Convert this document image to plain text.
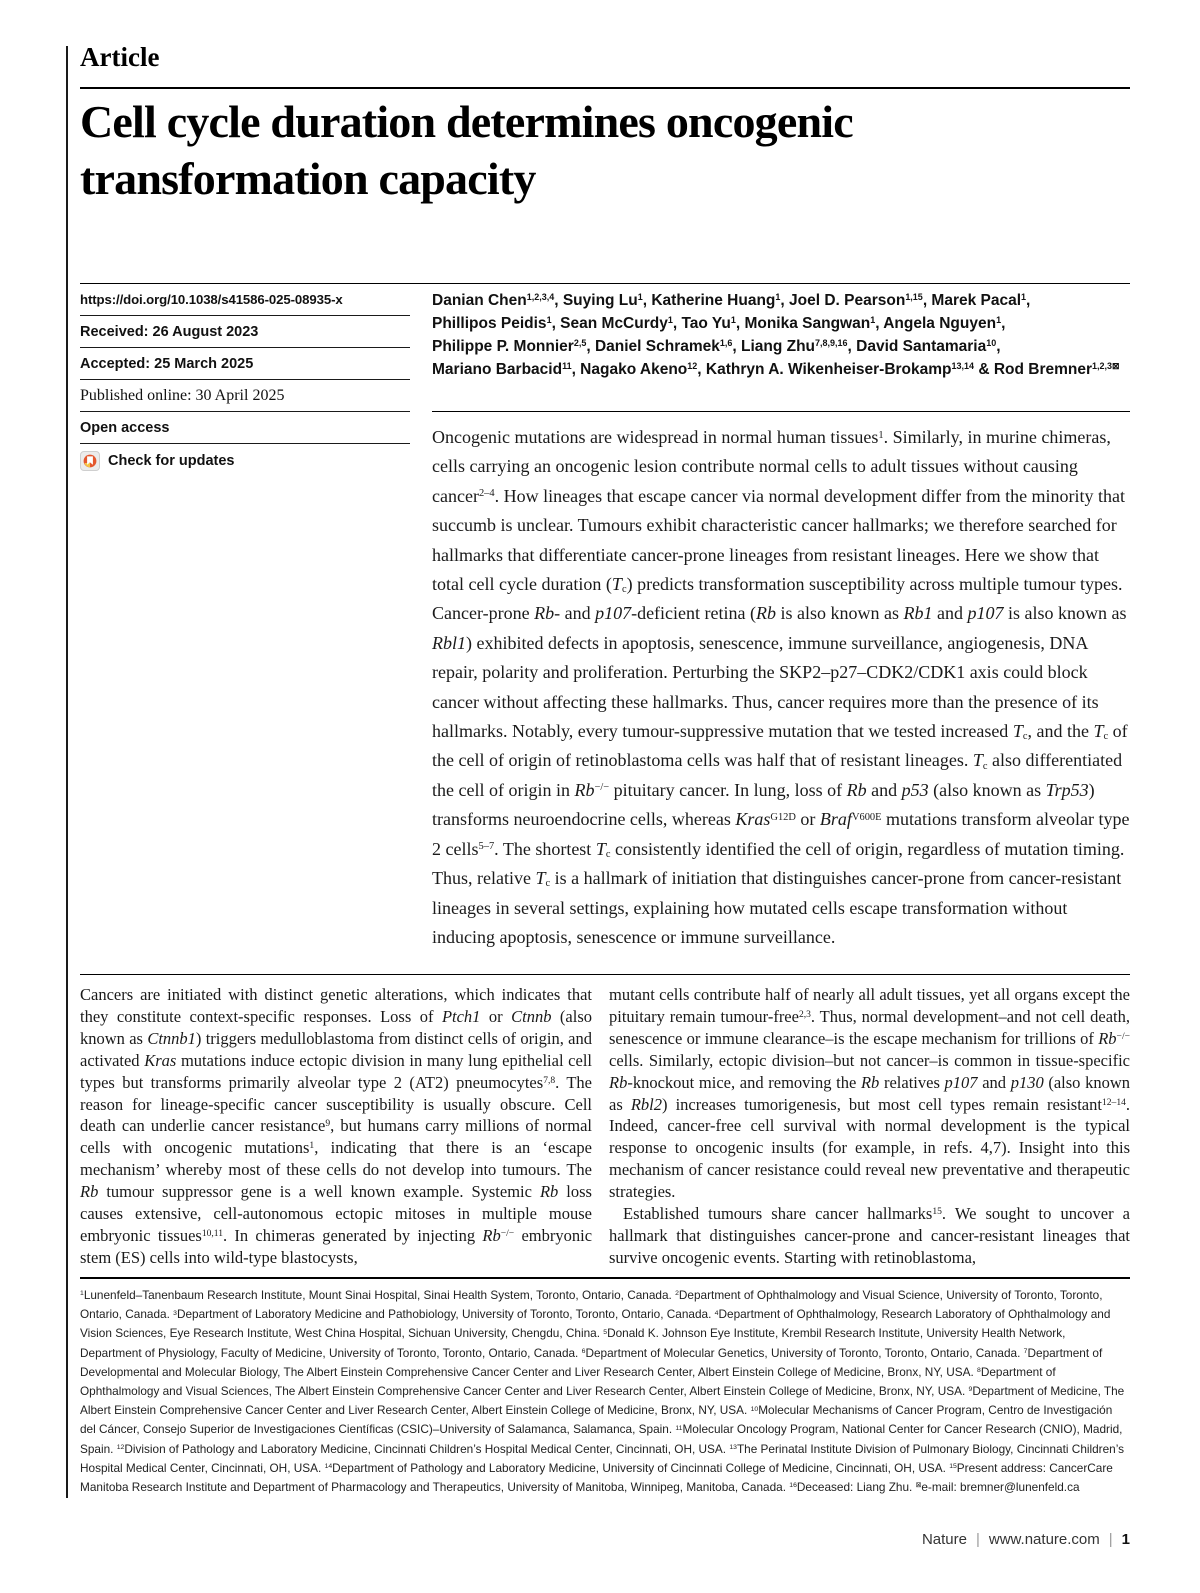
Article
Cell cycle duration determines oncogenic transformation capacity
https://doi.org/10.1038/s41586-025-08935-x
Received: 26 August 2023
Accepted: 25 March 2025
Published online: 30 April 2025
Open access
Check for updates
Danian Chen$^{1,2,3,4}$, Suying Lu$^1$, Katherine Huang$^1$, Joel D. Pearson$^{1,15}$, Marek Pacal$^1$,
Phillipos Peidis$^1$, Sean McCurdy$^1$, Tao Yu$^1$, Monika Sangwan$^1$, Angela Nguyen$^1$,
Philippe P. Monnier$^{2,5}$, Daniel Schramek$^{1,6}$, Liang Zhu$^{7,8,9,16}$, David Santamaria$^{10}$,
Mariano Barbacid$^{11}$, Nagako Akeno$^{12}$, Kathryn A. Wikenheiser-Brokamp$^{13,14}$ & Rod Bremner$^{1,2,3⊠}$
Oncogenic mutations are widespread in normal human tissues$^1$. Similarly, in murine chimeras, cells carrying an oncogenic lesion contribute normal cells to adult tissues without causing cancer$^{2-4}$. How lineages that escape cancer via normal development differ from the minority that succumb is unclear. Tumours exhibit characteristic cancer hallmarks; we therefore searched for hallmarks that differentiate cancer-prone lineages from resistant lineages. Here we show that total cell cycle duration $(T_c)$ predicts transformation susceptibility across multiple tumour types. Cancer-prone Rb- and p107-deficient retina (Rb is also known as Rb1 and p107 is also known as Rbl1) exhibited defects in apoptosis, senescence, immune surveillance, angiogenesis, DNA repair, polarity and proliferation. Perturbing the SKP2–p27–CDK2/CDK1 axis could block cancer without affecting these hallmarks. Thus, cancer requires more than the presence of its hallmarks. Notably, every tumour-suppressive mutation that we tested increased $T_c$, and the $T_c$ of the cell of origin of retinoblastoma cells was half that of resistant lineages. $T_c$ also differentiated the cell of origin in Rb−/− pituitary cancer. In lung, loss of Rb and p53 (also known as Trp53) transforms neuroendocrine cells, whereas Kras$^{G12D}$ or Braf$^{V600E}$ mutations transform alveolar type 2 cells$^{5-7}$. The shortest $T_c$ consistently identified the cell of origin, regardless of mutation timing. Thus, relative $T_c$ is a hallmark of initiation that distinguishes cancer-prone from cancer-resistant lineages in several settings, explaining how mutated cells escape transformation without inducing apoptosis, senescence or immune surveillance.

Cancers are initiated with distinct genetic alterations, which indicates that they constitute context-specific responses. Loss of Ptch1 or Ctnnb (also known as Ctnnb1) triggers medulloblastoma from distinct cells of origin, and activated Kras mutations induce ectopic division in many lung epithelial cell types but transforms primarily alveolar type 2 (AT2) pneumocytes$^{7,8}$. The reason for lineage-specific cancer susceptibility is usually obscure. Cell death can underlie cancer resistance$^9$, but humans carry millions of normal cells with oncogenic mutations$^1$, indicating that there is an ‘escape mechanism’ whereby most of these cells do not develop into tumours. The Rb tumour suppressor gene is a well known example. Systemic Rb loss causes extensive, cell-autonomous ectopic mitoses in multiple mouse embryonic tissues$^{10,11}$. In chimeras generated by injecting Rb−/− embryonic stem (ES) cells into wild-type blastocysts,

mutant cells contribute half of nearly all adult tissues, yet all organs except the pituitary remain tumour-free$^{2,3}$. Thus, normal development–and not cell death, senescence or immune clearance–is the escape mechanism for trillions of Rb−/− cells. Similarly, ectopic division–but not cancer–is common in tissue-specific Rb-knockout mice, and removing the Rb relatives p107 and p130 (also known as Rbl2) increases tumorigenesis, but most cell types remain resistant$^{12-14}$. Indeed, cancer-free cell survival with normal development is the typical response to oncogenic insults (for example, in refs. 4,7). Insight into this mechanism of cancer resistance could reveal new preventative and therapeutic strategies.

Established tumours share cancer hallmarks$^{15}$. We sought to uncover a hallmark that distinguishes cancer-prone and cancer-resistant lineages that survive oncogenic events. Starting with retinoblastoma,

$^1$Lunenfeld–Tanenbaum Research Institute, Mount Sinai Hospital, Sinai Health System, Toronto, Ontario, Canada. $^2$Department of Ophthalmology and Visual Science, University of Toronto, Toronto, Ontario, Canada. $^3$Department of Laboratory Medicine and Pathobiology, University of Toronto, Toronto, Ontario, Canada. $^4$Department of Ophthalmology, Research Laboratory of Ophthalmology and Vision Sciences, Eye Research Institute, West China Hospital, Sichuan University, Chengdu, China. $^5$Donald K. Johnson Eye Institute, Krembil Research Institute, University Health Network, Department of Physiology, Faculty of Medicine, University of Toronto, Toronto, Ontario, Canada. $^6$Department of Molecular Genetics, University of Toronto, Toronto, Ontario, Canada. $^7$Department of Developmental and Molecular Biology, The Albert Einstein Comprehensive Cancer Center and Liver Research Center, Albert Einstein College of Medicine, Bronx, NY, USA. $^8$Department of Ophthalmology and Visual Sciences, The Albert Einstein Comprehensive Cancer Center and Liver Research Center, Albert Einstein College of Medicine, Bronx, NY, USA. $^9$Department of Medicine, The Albert Einstein Comprehensive Cancer Center and Liver Research Center, Albert Einstein College of Medicine, Bronx, NY, USA. $^{10}$Molecular Mechanisms of Cancer Program, Centro de Investigación del Cáncer, Consejo Superior de Investigaciones Científicas (CSIC)–University of Salamanca, Salamanca, Spain. $^{11}$Molecular Oncology Program, National Center for Cancer Research (CNIO), Madrid, Spain. $^{12}$Division of Pathology and Laboratory Medicine, Cincinnati Children’s Hospital Medical Center, Cincinnati, OH, USA. $^{13}$The Perinatal Institute Division of Pulmonary Biology, Cincinnati Children’s Hospital Medical Center, Cincinnati, OH, USA. $^{14}$Department of Pathology and Laboratory Medicine, University of Cincinnati College of Medicine, Cincinnati, OH, USA. $^{15}$Present address: CancerCare Manitoba Research Institute and Department of Pharmacology and Therapeutics, University of Manitoba, Winnipeg, Manitoba, Canada. $^{16}$Deceased: Liang Zhu. ⊠e-mail: bremner@lunenfeld.ca
Nature | www.nature.com | 1
